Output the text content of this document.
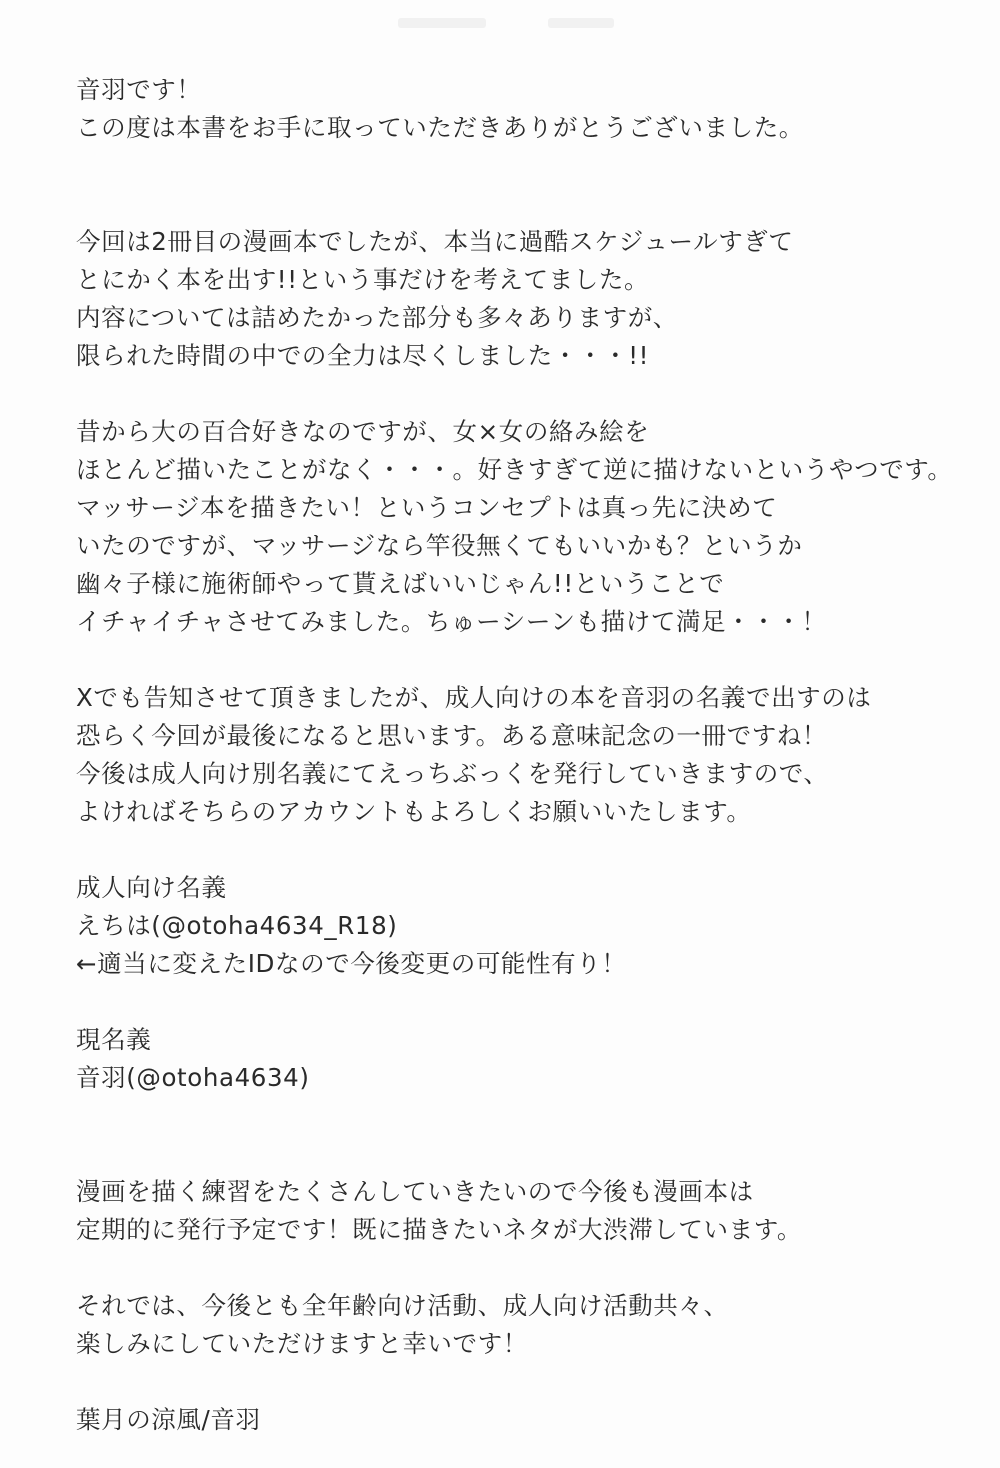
音羽です！
この度は本書をお手に取っていただきありがとうございました。
今回は2冊目の漫画本でしたが、本当に過酷スケジュールすぎて
とにかく本を出す!!という事だけを考えてました。
内容については詰めたかった部分も多々ありますが、
限られた時間の中での全力は尽くしました・・・!!
昔から大の百合好きなのですが、女×女の絡み絵を
ほとんど描いたことがなく・・・。好きすぎて逆に描けないというやつです。
マッサージ本を描きたい！というコンセプトは真っ先に決めて
いたのですが、マッサージなら竿役無くてもいいかも？というか
幽々子様に施術師やって貰えばいいじゃん!!ということで
イチャイチャさせてみました。ちゅーシーンも描けて満足・・・！
Xでも告知させて頂きましたが、成人向けの本を音羽の名義で出すのは
恐らく今回が最後になると思います。ある意味記念の一冊ですね！
今後は成人向け別名義にてえっちぶっくを発行していきますので、
よければそちらのアカウントもよろしくお願いいたします。
成人向け名義
えちは(@otoha4634_R18)
←適当に変えたIDなので今後変更の可能性有り！
現名義
音羽(@otoha4634)
漫画を描く練習をたくさんしていきたいので今後も漫画本は
定期的に発行予定です！既に描きたいネタが大渋滞しています。
それでは、今後とも全年齢向け活動、成人向け活動共々、
楽しみにしていただけますと幸いです！
葉月の涼風/音羽
